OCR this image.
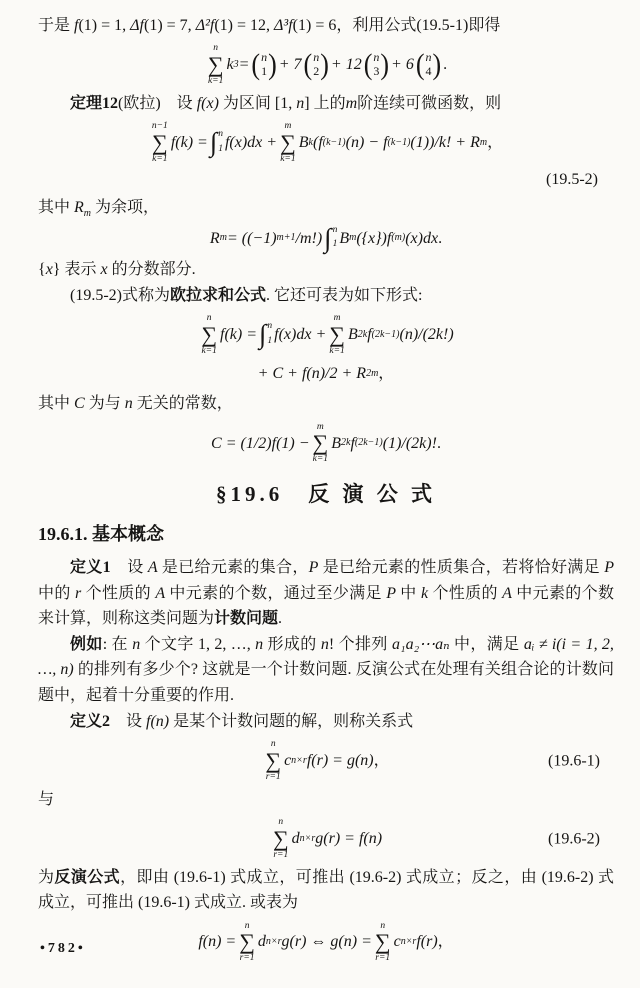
于是 f(1) = 1, Δf(1) = 7, Δ²f(1) = 12, Δ³f(1) = 6，利用公式(19.5-1)即得
n
∑
k=1
k 3 = ( n
1 ) + 7 ( n
2 ) + 12 ( n
3 ) + 6 ( n
4 ) .
定理12(欧拉)　设 f(x) 为区间 [1, n] 上的m阶连续可微函数，则
n−1
∑
k=1
f(k) = ∫ n
1 f(x)dx +
m
∑
k=1
B k (f (k−1) (n) − f (k−1) (1))/k! + R m ，
(19.5-2)
其中 $R_m$ 为余项，
R m = ((−1) m+1 /m!) ∫ n
1 B m ({x})f (m) (x)dx .
{x} 表示 x 的分数部分.
(19.5-2)式称为欧拉求和公式. 它还可表为如下形式:
n
∑
k=1
f(k) = ∫ n
1 f(x)dx +
m
∑
k=1
B 2k f (2k−1) (n)/(2k!)
+ C + f(n)/2 + R 2m ，
其中 C 为与 n 无关的常数，
C = (1/2)f(1) −
m
∑
k=1
B 2k f (2k−1) (1)/(2k)! .
§19.6　反 演 公 式
19.6.1. 基本概念
定义1　设 A 是已给元素的集合，P 是已给元素的性质集合，若将恰好满足 P 中的 r 个性质的 A 中元素的个数，通过至少满足 P 中 k 个性质的 A 中元素的个数来计算，则称这类问题为计数问题.
例如: 在 n 个文字 1, 2, …, n 形成的 n! 个排列 a₁a₂⋯aₙ 中，满足 aᵢ ≠ i(i = 1, 2, …, n) 的排列有多少个? 这就是一个计数问题. 反演公式在处理有关组合论的计数问题中，起着十分重要的作用.
定义2　设 f(n) 是某个计数问题的解，则称关系式
n
∑
r=1
c n×r f(r) = g(n) ，	(19.6-1)
与
n
∑
r=1
d n×r g(r) = f(n)	(19.6-2)
为反演公式，即由 (19.6-1) 式成立，可推出 (19.6-2) 式成立；反之，由 (19.6-2) 式成立，可推出 (19.6-1) 式成立. 或表为
f(n) =
n
∑
r=1
d n×r g(r) ⇔ g(n) =
n
∑
r=1
c n×r f(r) ，
•782•
